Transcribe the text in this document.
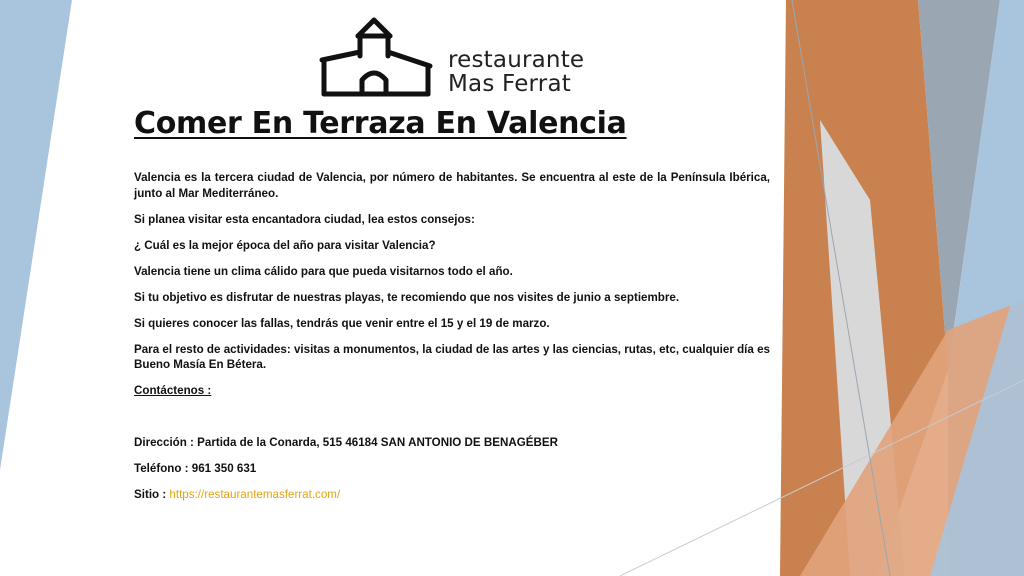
restaurante
Mas Ferrat
Comer En Terraza En Valencia

Valencia es la tercera ciudad de Valencia, por número de habitantes. Se encuentra al este de la Península Ibérica, junto al Mar Mediterráneo.

Si planea visitar esta encantadora ciudad, lea estos consejos:

¿ Cuál es la mejor época del año para visitar Valencia?

Valencia tiene un clima cálido para que pueda visitarnos todo el año.

Si tu objetivo es disfrutar de nuestras playas, te recomiendo que nos visites de junio a septiembre.

Si quieres conocer las fallas, tendrás que venir entre el 15 y el 19 de marzo.

Para el resto de actividades: visitas a monumentos, la ciudad de las artes y las ciencias, rutas, etc, cualquier día es Bueno Masía En Bétera.

Contáctenos :

Dirección : Partida de la Conarda, 515 46184 SAN ANTONIO DE BENAGÉBER

Teléfono : 961 350 631

Sitio : https://restaurantemasferrat.com/
